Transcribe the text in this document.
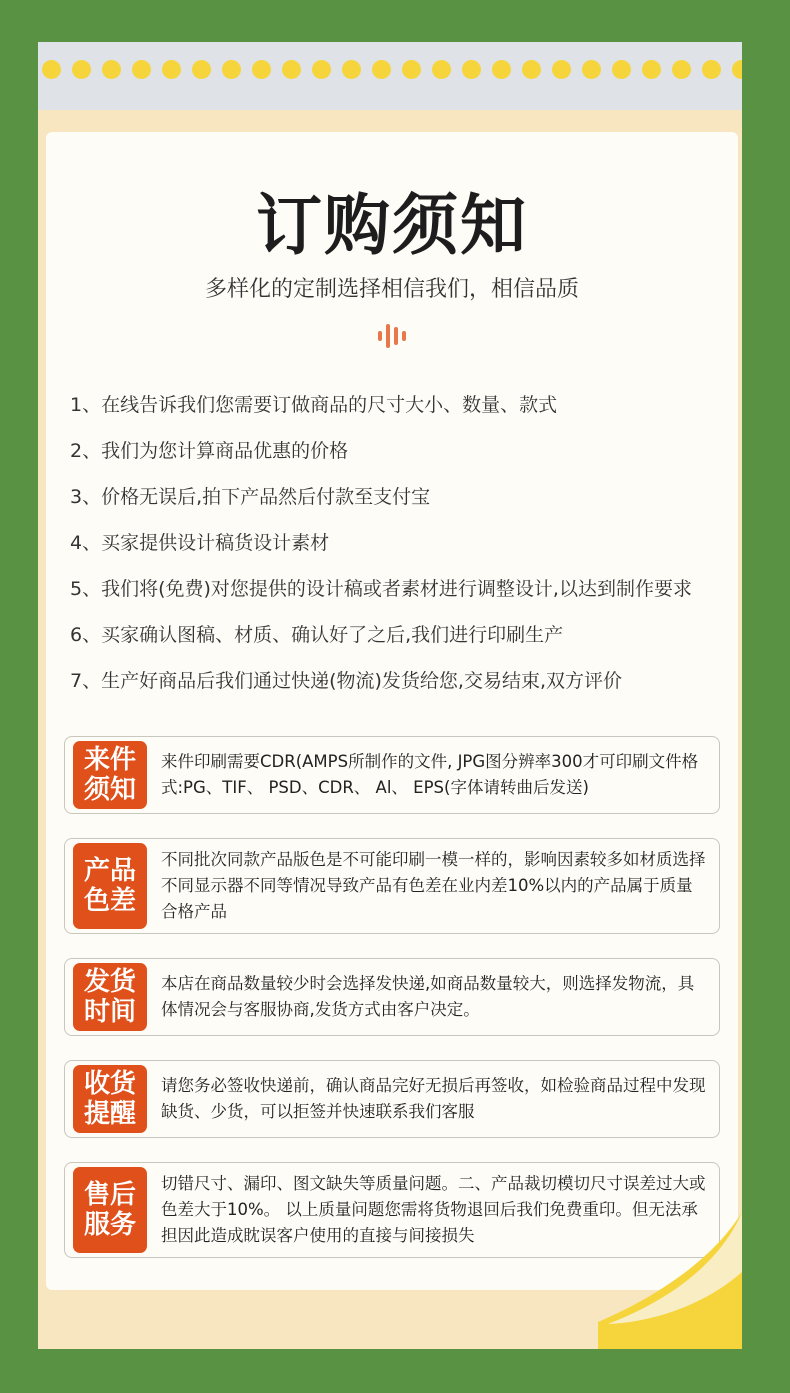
订购须知
多样化的定制选择相信我们，相信品质
1、在线告诉我们您需要订做商品的尺寸大小、数量、款式
2、我们为您计算商品优惠的价格
3、价格无误后,拍下产品然后付款至支付宝
4、买家提供设计稿货设计素材
5、我们将(免费)对您提供的设计稿或者素材进行调整设计,以达到制作要求
6、买家确认图稿、材质、确认好了之后,我们进行印刷生产
7、生产好商品后我们通过快递(物流)发货给您,交易结束,双方评价
来件
须知
来件印刷需要CDR(AMPS所制作的文件, JPG图分辨率300才可印刷文件格式:PG、TIF、 PSD、CDR、 Al、 EPS(字体请转曲后发送)
产品
色差
不同批次同款产品版色是不可能印刷一模一样的，影响因素较多如材质选择不同显示器不同等情况导致产品有色差在业内差10%以内的产品属于质量合格产品
发货
时间
本店在商品数量较少时会选择发快递,如商品数量较大，则选择发物流，具体情况会与客服协商,发货方式由客户决定。
收货
提醒
请您务必签收快递前，确认商品完好无损后再签收，如检验商品过程中发现缺货、少货，可以拒签并快速联系我们客服
售后
服务
切错尺寸、漏印、图文缺失等质量问题。二、产品裁切模切尺寸误差过大或色差大于10%。 以上质量问题您需将货物退回后我们免费重印。但无法承担因此造成眈误客户使用的直接与间接损失
